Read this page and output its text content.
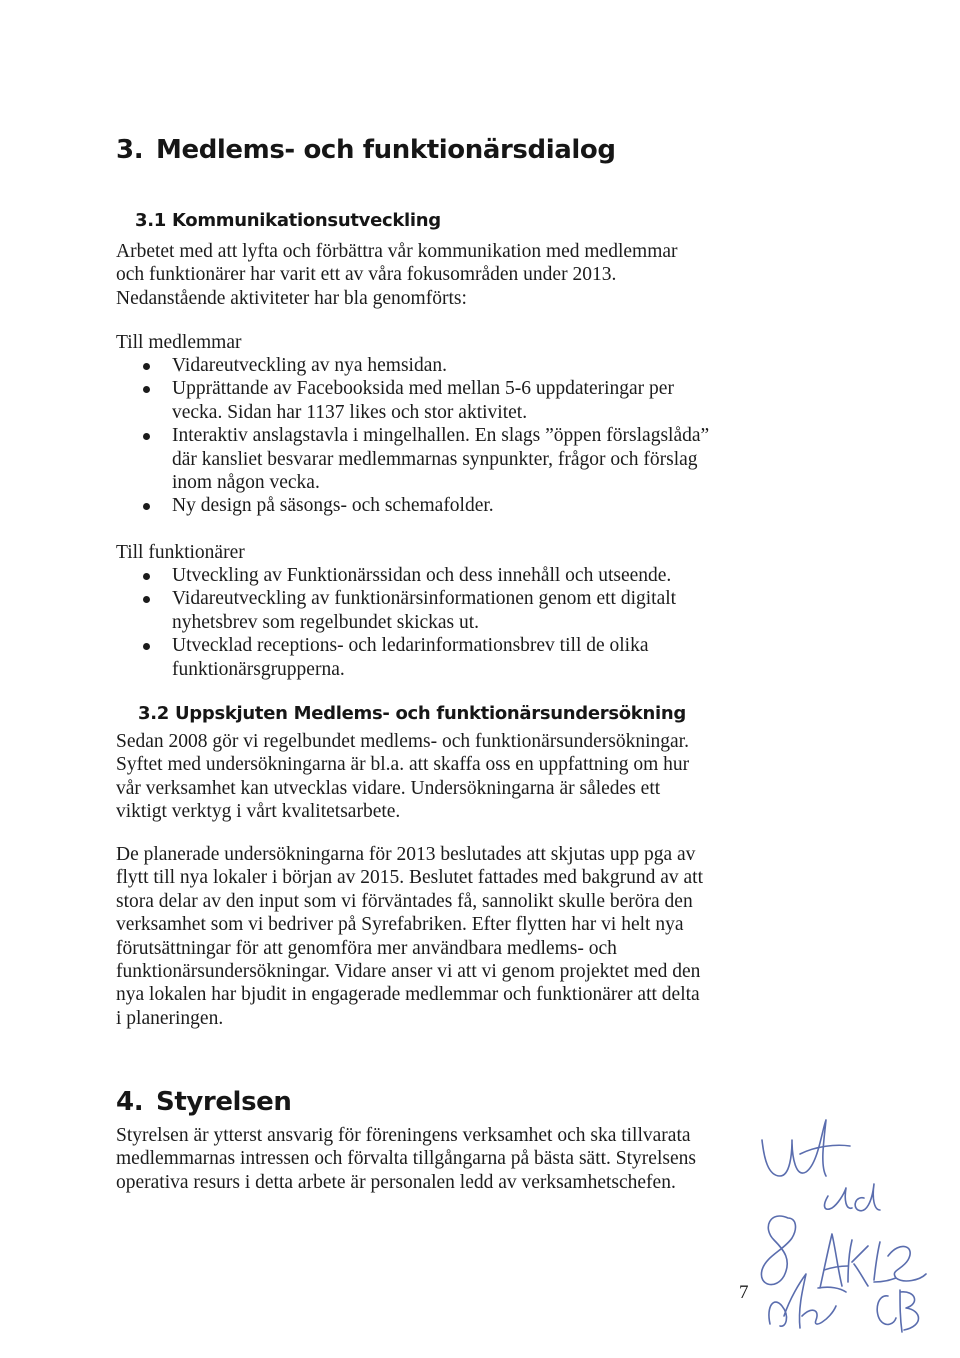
3. Medlems- och funktionärsdialog
3.1 Kommunikationsutveckling

Arbetet med att lyfta och förbättra vår kommunikation med medlemmar
och funktionärer har varit ett av våra fokusområden under 2013.
Nedanstående aktiviteter har bla genomförts:

Till medlemmar

Vidareutveckling av nya hemsidan.
Upprättande av Facebooksida med mellan 5-6 uppdateringar per
vecka. Sidan har 1137 likes och stor aktivitet.
Interaktiv anslagstavla i mingelhallen. En slags ”öppen förslagslåda”
där kansliet besvarar medlemmarnas synpunkter, frågor och förslag
inom någon vecka.
Ny design på säsongs- och schemafolder.

Till funktionärer

Utveckling av Funktionärssidan och dess innehåll och utseende.
Vidareutveckling av funktionärsinformationen genom ett digitalt
nyhetsbrev som regelbundet skickas ut.
Utvecklad receptions- och ledarinformationsbrev till de olika
funktionärsgrupperna.
3.2 Uppskjuten Medlems- och funktionärsundersökning

Sedan 2008 gör vi regelbundet medlems- och funktionärsundersökningar.
Syftet med undersökningarna är bl.a. att skaffa oss en uppfattning om hur
vår verksamhet kan utvecklas vidare. Undersökningarna är således ett
viktigt verktyg i vårt kvalitetsarbete.

De planerade undersökningarna för 2013 beslutades att skjutas upp pga av
flytt till nya lokaler i början av 2015. Beslutet fattades med bakgrund av att
stora delar av den input som vi förväntades få, sannolikt skulle beröra den
verksamhet som vi bedriver på Syrefabriken. Efter flytten har vi helt nya
förutsättningar för att genomföra mer användbara medlems- och
funktionärsundersökningar. Vidare anser vi att vi genom projektet med den
nya lokalen har bjudit in engagerade medlemmar och funktionärer att delta
i planeringen.

4. Styrelsen

Styrelsen är ytterst ansvarig för föreningens verksamhet och ska tillvarata
medlemmarnas intressen och förvalta tillgångarna på bästa sätt. Styrelsens
operativa resurs i detta arbete är personalen ledd av verksamhetschefen.

7
